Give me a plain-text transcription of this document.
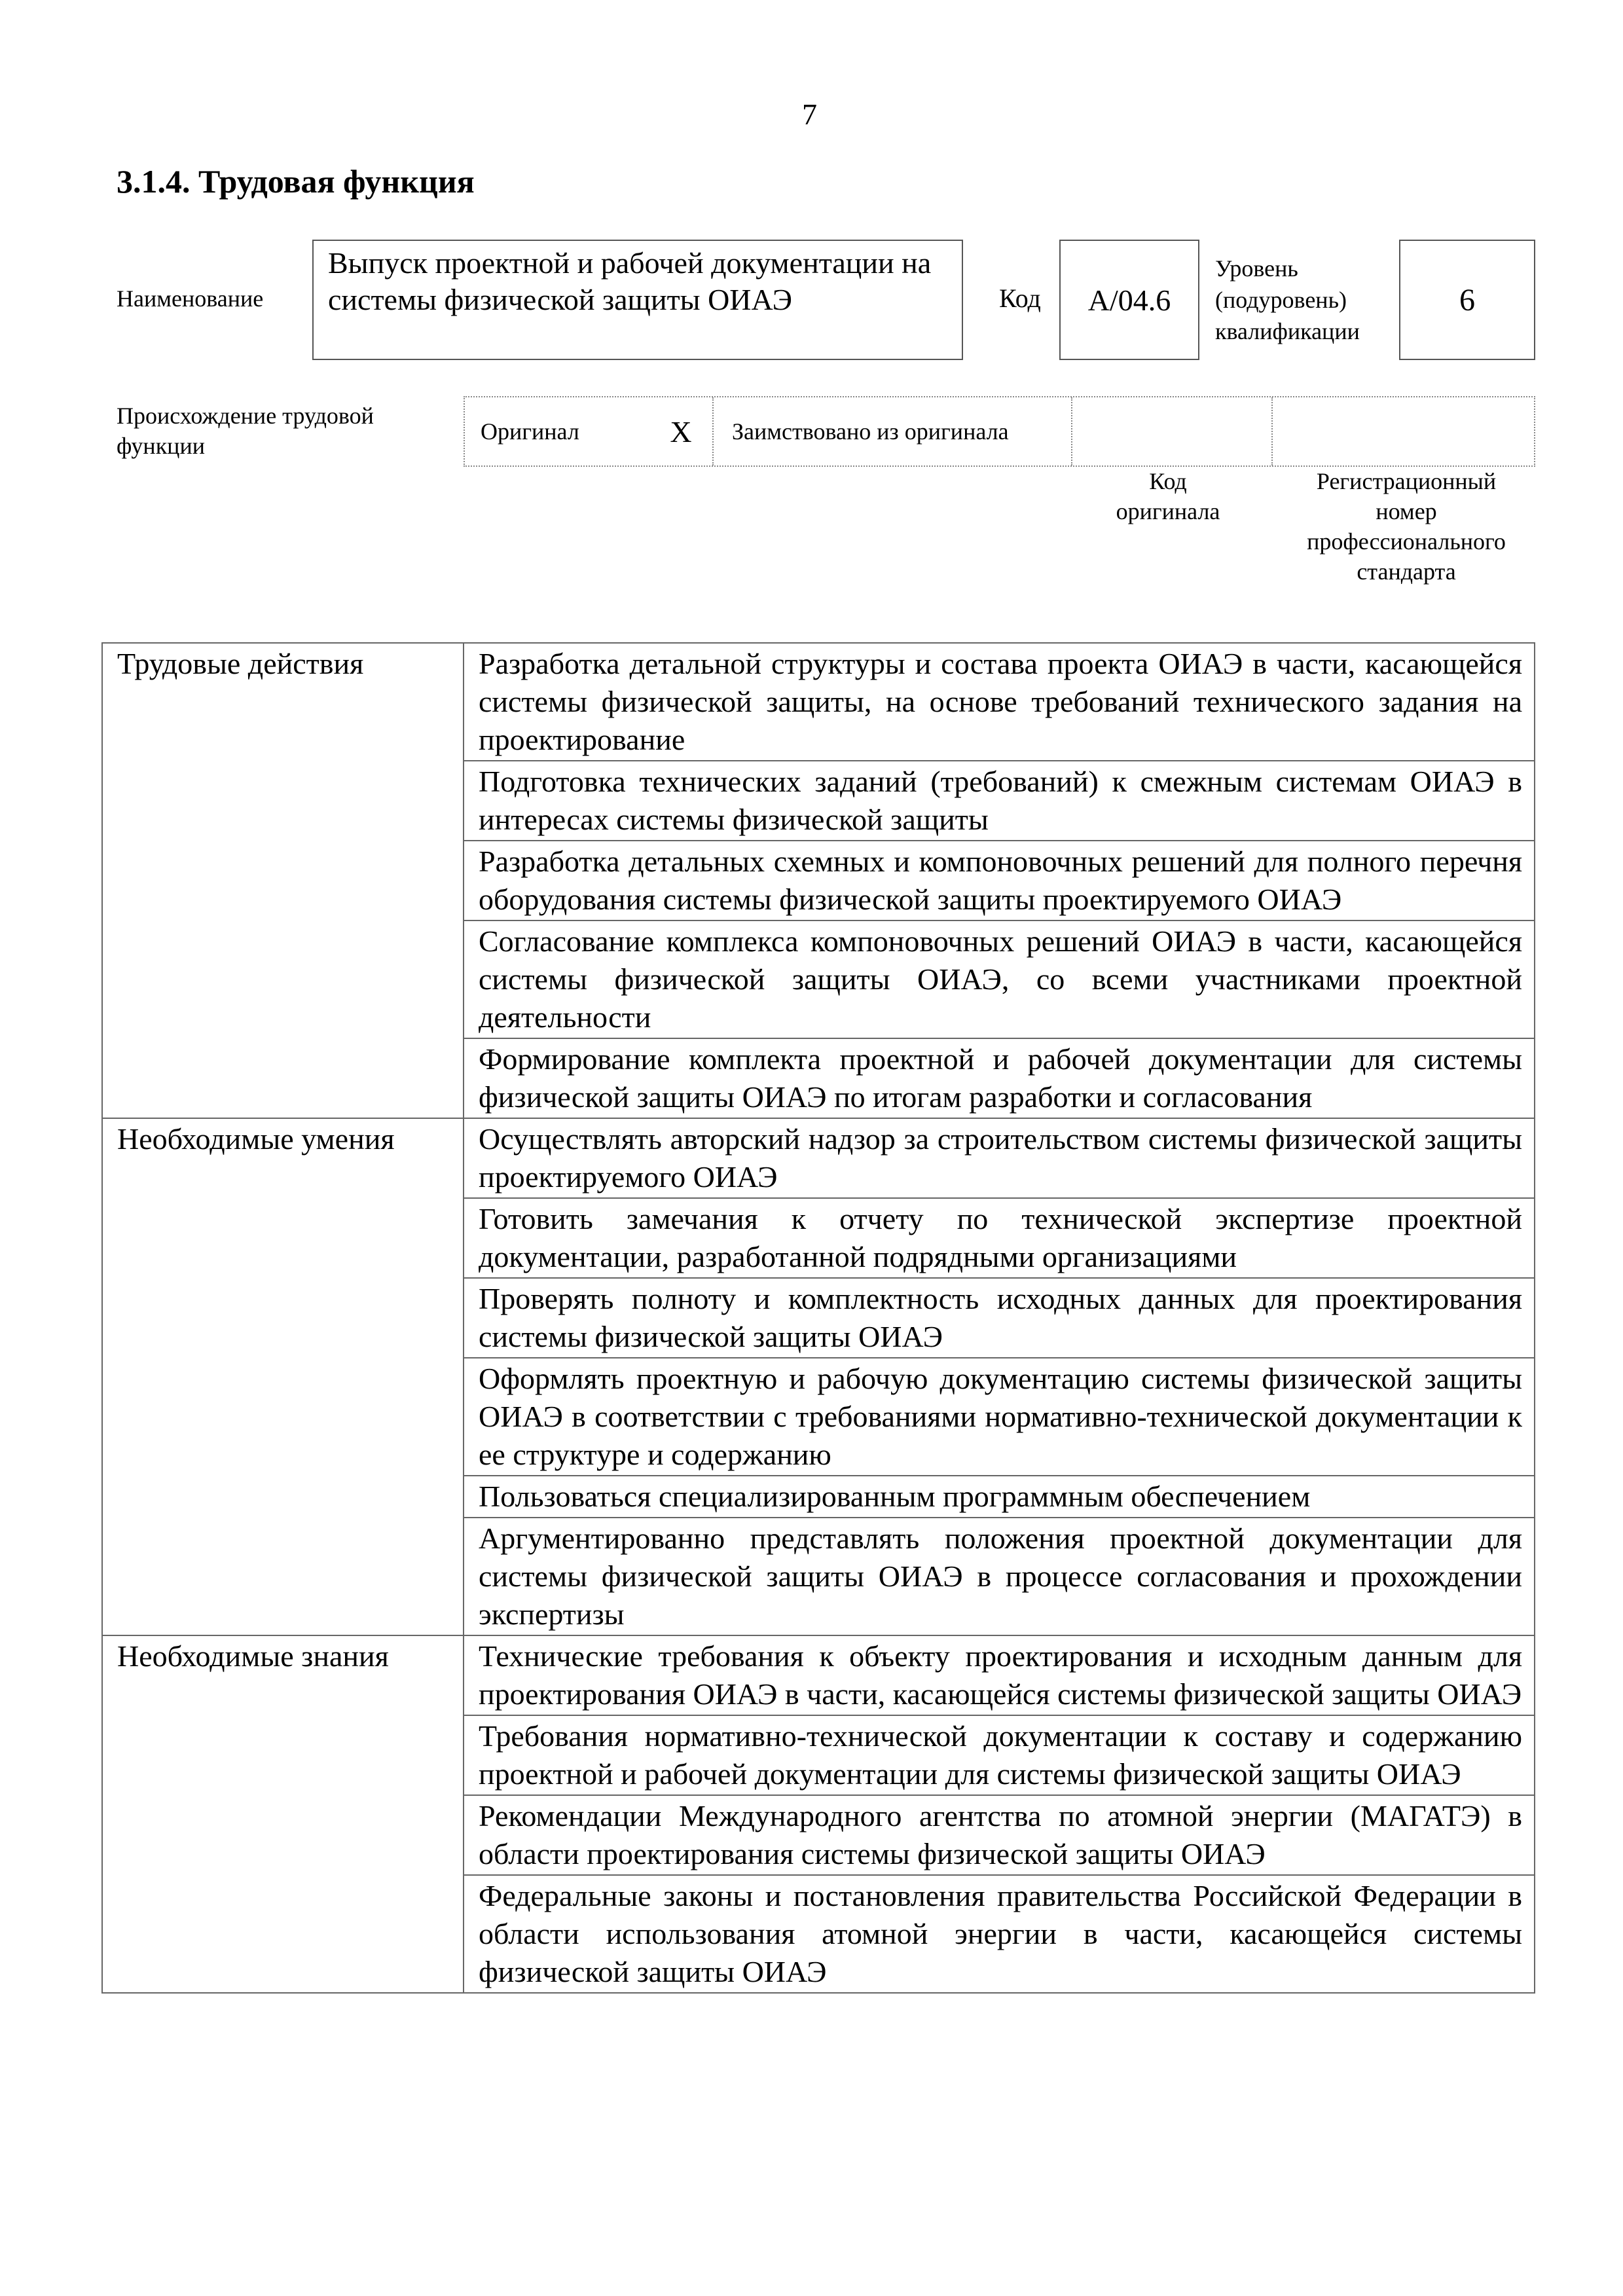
7
3.1.4. Трудовая функция
Наименование
Выпуск проектной и рабочей документации на системы физической защиты ОИАЭ	Код	A/04.6
Уровень (подуровень) квалификации
6
Происхождение трудовой функции
Оригинал	X	Заимствовано из оригинала
Код оригинала
Регистрационный номер профессионального стандарта
Трудовые действия	Разработка детальной структуры и состава проекта ОИАЭ в части, касающейся системы физической защиты, на основе требований технического задания на проектирование
	Подготовка технических заданий (требований) к смежным системам ОИАЭ в интересах системы физической защиты
	Разработка детальных схемных и компоновочных решений для полного перечня оборудования системы физической защиты проектируемого ОИАЭ
	Согласование комплекса компоновочных решений ОИАЭ в части, касающейся системы физической защиты ОИАЭ, со всеми участниками проектной деятельности
	Формирование комплекта проектной и рабочей документации для системы физической защиты ОИАЭ по итогам разработки и согласования
Необходимые умения	Осуществлять авторский надзор за строительством системы физической защиты проектируемого ОИАЭ
	Готовить замечания к отчету по технической экспертизе проектной документации, разработанной подрядными организациями
	Проверять полноту и комплектность исходных данных для проектирования системы физической защиты ОИАЭ
	Оформлять проектную и рабочую документацию системы физической защиты ОИАЭ в соответствии с требованиями нормативно-технической документации к ее структуре и содержанию
	Пользоваться специализированным программным обеспечением
	Аргументированно представлять положения проектной документации для системы физической защиты ОИАЭ в процессе согласования и прохождении экспертизы
Необходимые знания	Технические требования к объекту проектирования и исходным данным для проектирования ОИАЭ в части, касающейся системы физической защиты ОИАЭ
	Требования нормативно-технической документации к составу и содержанию проектной и рабочей документации для системы физической защиты ОИАЭ
	Рекомендации Международного агентства по атомной энергии (МАГАТЭ) в области проектирования системы физической защиты ОИАЭ
	Федеральные законы и постановления правительства Российской Федерации в области использования атомной энергии в части, касающейся системы физической защиты ОИАЭ
